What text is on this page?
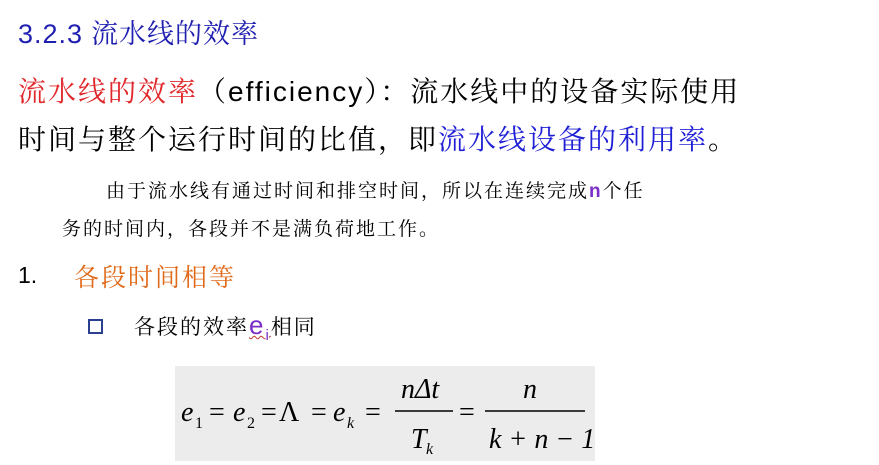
3.2.3 流水线的效率
流水线的效率（efficiency）：流水线中的设备实际使用
时间与整个运行时间的比值，即流水线设备的利用率。
由于流水线有通过时间和排空时间，所以在连续完成n个任
务的时间内，各段并不是满负荷地工作。
1. 各段时间相等
各段的效率$e_i$相同
e 1 = e 2 = Λ = e k =
nΔt
T k
=
n
k + n − 1
